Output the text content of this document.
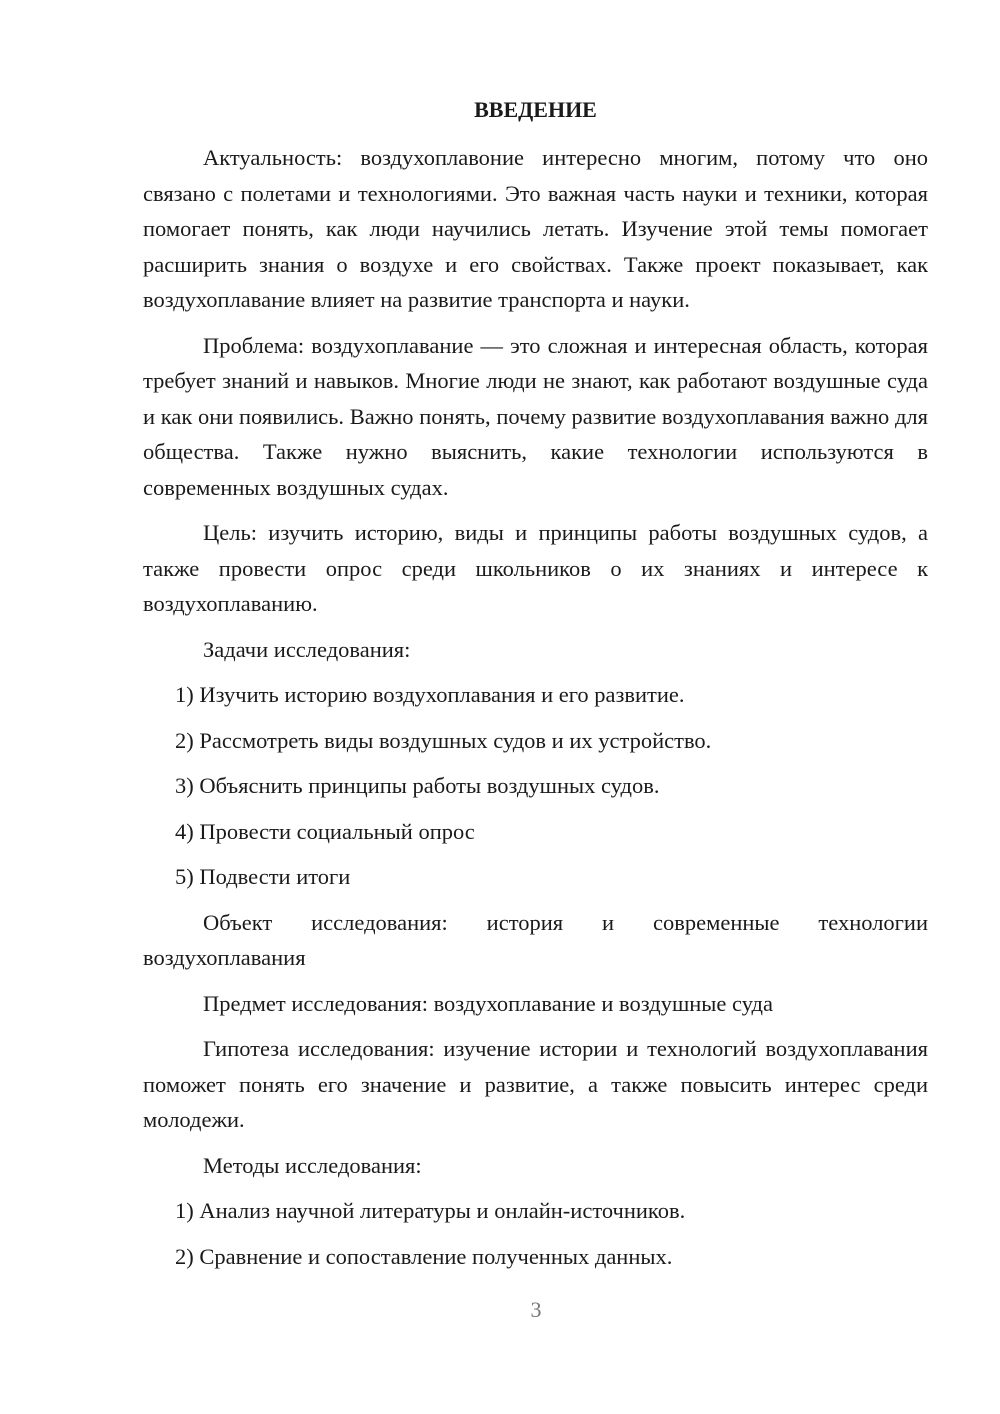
ВВЕДЕНИЕ

Актуальность: воздухоплавоние интересно многим, потому что оно связано с полетами и технологиями. Это важная часть науки и техники, которая помогает понять, как люди научились летать. Изучение этой темы помогает расширить знания о воздухе и его свойствах. Также проект показывает, как воздухоплавание влияет на развитие транспорта и науки.

Проблема: воздухоплавание — это сложная и интересная область, которая требует знаний и навыков. Многие люди не знают, как работают воздушные суда и как они появились. Важно понять, почему развитие воздухоплавания важно для общества. Также нужно выяснить, какие технологии используются в современных воздушных судах.

Цель: изучить историю, виды и принципы работы воздушных судов, а также провести опрос среди школьников о их знаниях и интересе к воздухоплаванию.

Задачи исследования:
1) Изучить историю воздухоплавания и его развитие.
2) Рассмотреть виды воздушных судов и их устройство.
3) Объяснить принципы работы воздушных судов.
4) Провести социальный опрос
5) Подвести итоги

Объект исследования: история и современные технологии воздухоплавания

Предмет исследования: воздухоплавание и воздушные суда

Гипотеза исследования: изучение истории и технологий воздухоплавания поможет понять его значение и развитие, а также повысить интерес среди молодежи.

Методы исследования:
1) Анализ научной литературы и онлайн-источников.
2) Сравнение и сопоставление полученных данных.
3
